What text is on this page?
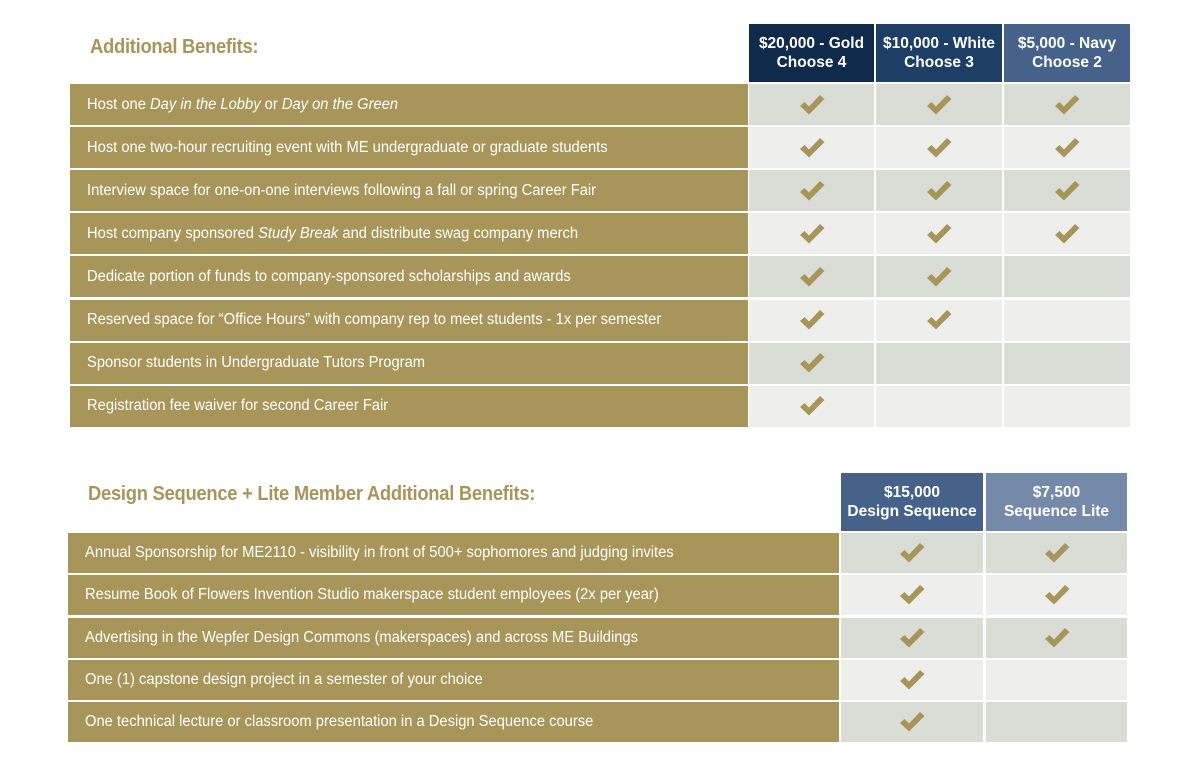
Additional Benefits:	$20,000 - Gold
Choose 4
$10,000 - White
Choose 3
$5,000 - Navy
Choose 2
Host one Day in the Lobby or Day on the Green
Host one two-hour recruiting event with ME undergraduate or graduate students
Interview space for one-on-one interviews following a fall or spring Career Fair
Host company sponsored Study Break and distribute swag company merch
Dedicate portion of funds to company-sponsored scholarships and awards
Reserved space for “Office Hours” with company rep to meet students - 1x per semester
Sponsor students in Undergraduate Tutors Program
Registration fee waiver for second Career Fair
Design Sequence + Lite Member Additional Benefits:	$15,000
Design Sequence
$7,500
Sequence Lite
Annual Sponsorship for ME2110 - visibility in front of 500+ sophomores and judging invites
Resume Book of Flowers Invention Studio makerspace student employees (2x per year)
Advertising in the Wepfer Design Commons (makerspaces) and across ME Buildings
One (1) capstone design project in a semester of your choice
One technical lecture or classroom presentation in a Design Sequence course
